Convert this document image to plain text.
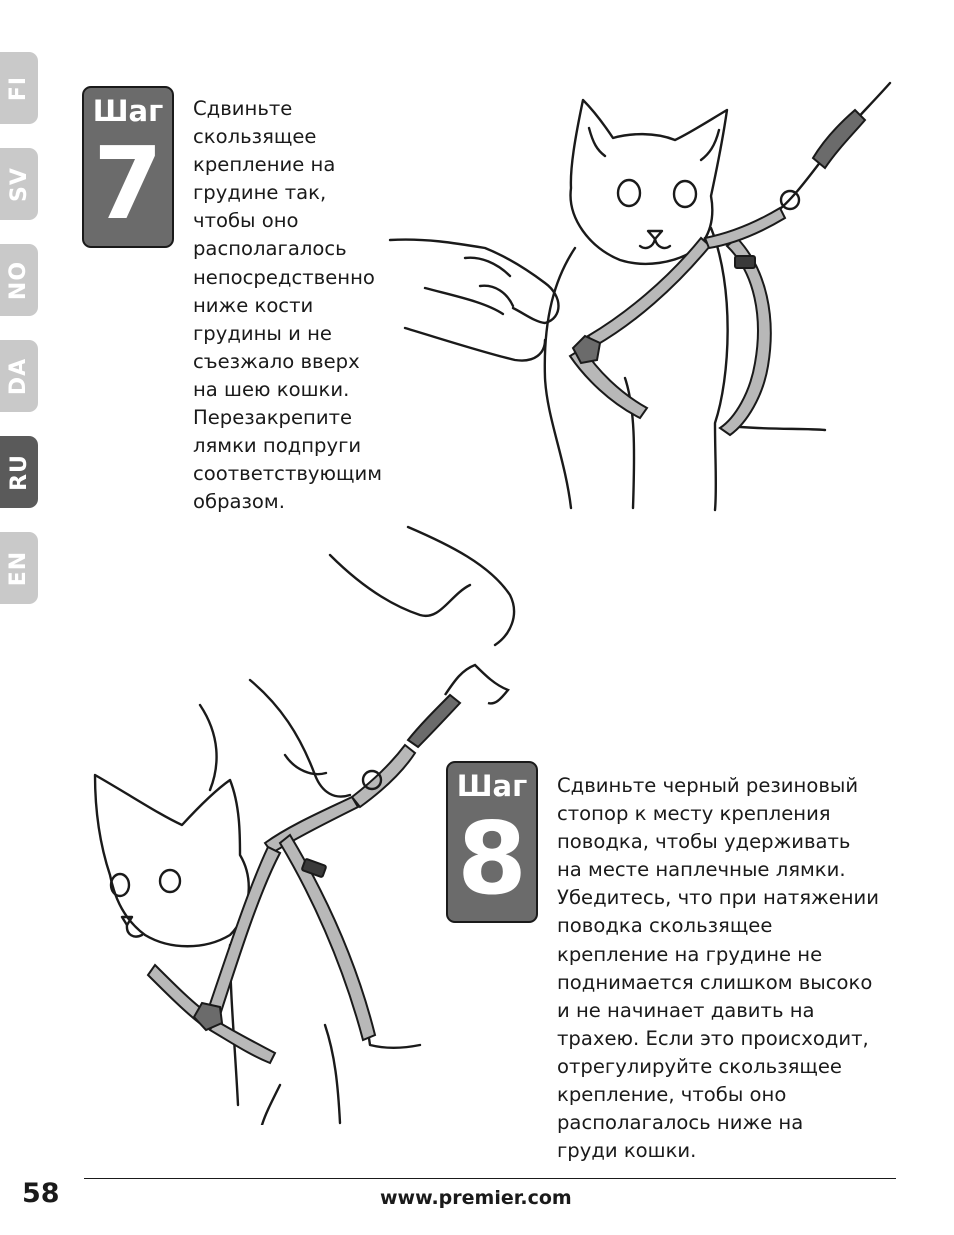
FI
SV
NO
DA
RU
EN
Шаг
7
Сдвиньте
скользящее
крепление на
грудине так,
чтобы оно
располагалось
непосредственно
ниже кости
грудины и не
съезжало вверх
на шею кошки.
Перезакрепите
лямки подпруги
соответствующим
образом.
Шаг
8
Сдвиньте черный резиновый
стопор к месту крепления
поводка, чтобы удерживать
на месте наплечные лямки.
Убедитесь, что при натяжении
поводка скользящее
крепление на грудине не
поднимается слишком высоко
и не начинает давить на
трахею. Если это происходит,
отрегулируйте скользящее
крепление, чтобы оно
располагалось ниже на
груди кошки.
58	www.premier.com
